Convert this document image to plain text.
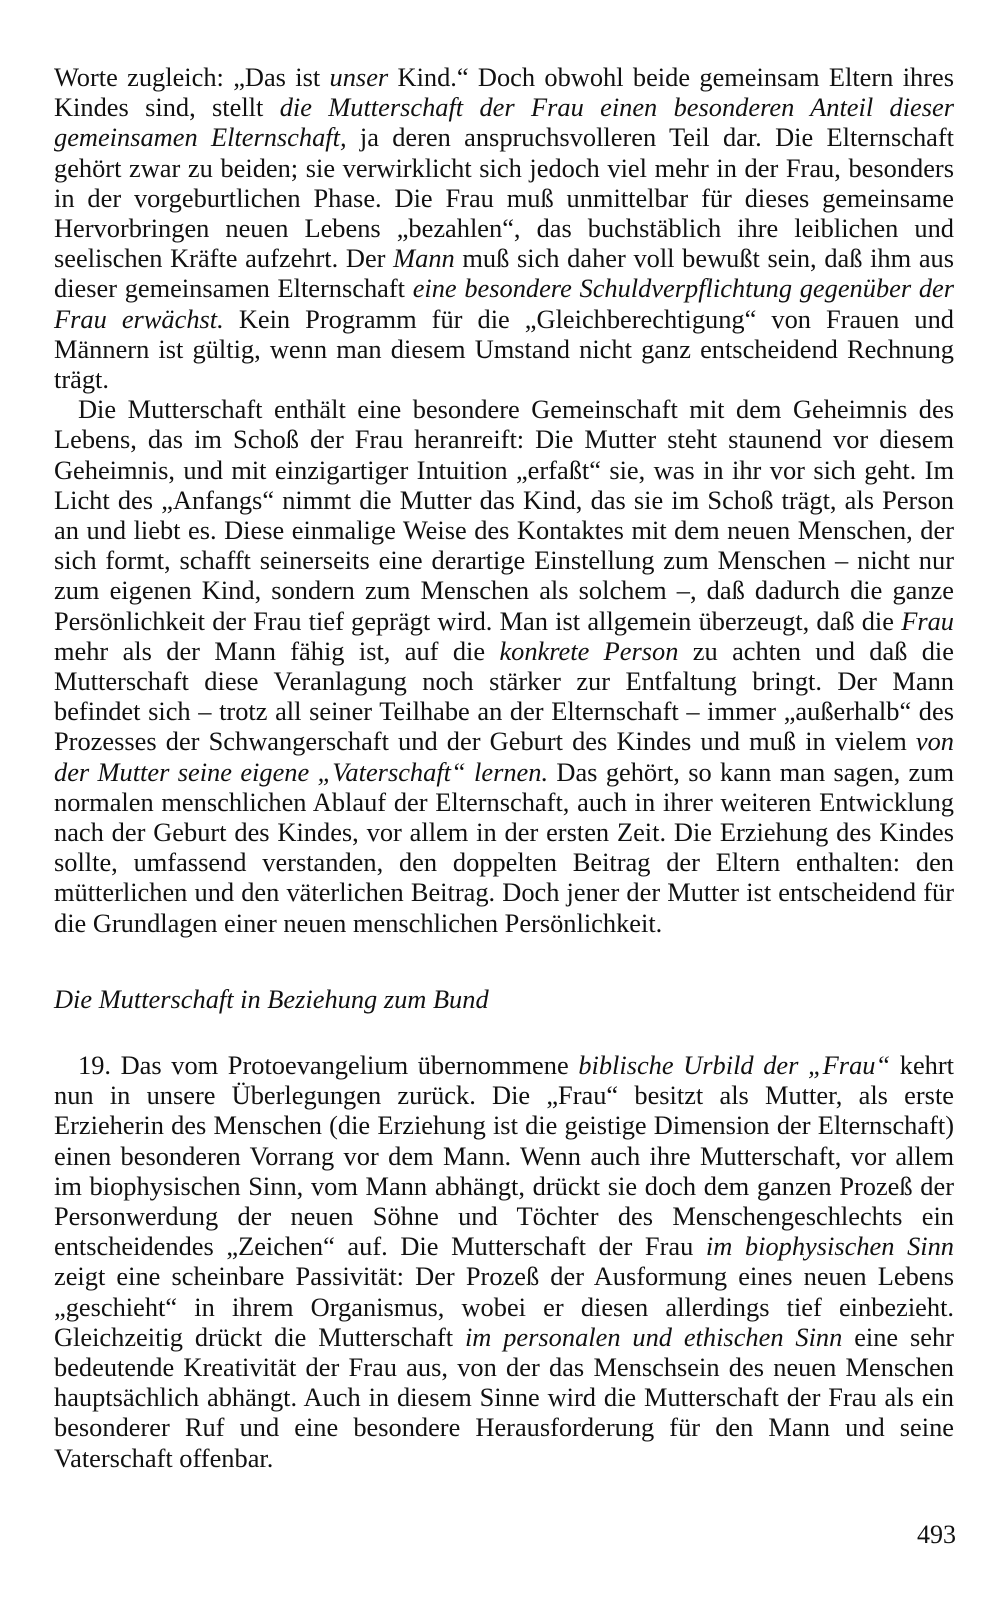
Worte zugleich: „Das ist unser Kind.“ Doch obwohl beide gemeinsam Eltern ihres Kindes sind, stellt die Mutterschaft der Frau einen besonderen Anteil dieser gemeinsamen Elternschaft, ja deren anspruchsvolleren Teil dar. Die Elternschaft gehört zwar zu beiden; sie verwirklicht sich jedoch viel mehr in der Frau, besonders in der vorgeburtlichen Phase. Die Frau muß unmittelbar für dieses gemeinsame Hervorbringen neuen Lebens „bezahlen“, das buchstäblich ihre leiblichen und seelischen Kräfte aufzehrt. Der Mann muß sich daher voll bewußt sein, daß ihm aus dieser gemeinsamen Elternschaft eine besondere Schuldverpflichtung gegenüber der Frau erwächst. Kein Programm für die „Gleichberechtigung“ von Frauen und Männern ist gültig, wenn man diesem Umstand nicht ganz entscheidend Rechnung trägt.

Die Mutterschaft enthält eine besondere Gemeinschaft mit dem Geheimnis des Lebens, das im Schoß der Frau heranreift: Die Mutter steht staunend vor diesem Geheimnis, und mit einzigartiger Intuition „erfaßt“ sie, was in ihr vor sich geht. Im Licht des „Anfangs“ nimmt die Mutter das Kind, das sie im Schoß trägt, als Person an und liebt es. Diese einmalige Weise des Kontaktes mit dem neuen Menschen, der sich formt, schafft seinerseits eine derartige Einstellung zum Menschen – nicht nur zum eigenen Kind, sondern zum Menschen als solchem –, daß dadurch die ganze Persönlichkeit der Frau tief geprägt wird. Man ist allgemein überzeugt, daß die Frau mehr als der Mann fähig ist, auf die konkrete Person zu achten und daß die Mutterschaft diese Veranlagung noch stärker zur Entfaltung bringt. Der Mann befindet sich – trotz all seiner Teilhabe an der Elternschaft – immer „außerhalb“ des Prozesses der Schwangerschaft und der Geburt des Kindes und muß in vielem von der Mutter seine eigene „Vaterschaft“ lernen. Das gehört, so kann man sagen, zum normalen menschlichen Ablauf der Elternschaft, auch in ihrer weiteren Entwicklung nach der Geburt des Kindes, vor allem in der ersten Zeit. Die Erziehung des Kindes sollte, umfassend verstanden, den doppelten Beitrag der Eltern enthalten: den mütterlichen und den väterlichen Beitrag. Doch jener der Mutter ist entscheidend für die Grundlagen einer neuen menschlichen Persönlichkeit.

Die Mutterschaft in Beziehung zum Bund

19. Das vom Protoevangelium übernommene biblische Urbild der „Frau“ kehrt nun in unsere Überlegungen zurück. Die „Frau“ besitzt als Mutter, als erste Erzieherin des Menschen (die Erziehung ist die geistige Dimension der Elternschaft) einen besonderen Vorrang vor dem Mann. Wenn auch ihre Mutterschaft, vor allem im biophysischen Sinn, vom Mann abhängt, drückt sie doch dem ganzen Prozeß der Personwerdung der neuen Söhne und Töchter des Menschengeschlechts ein entscheidendes „Zeichen“ auf. Die Mutterschaft der Frau im biophysischen Sinn zeigt eine scheinbare Passivität: Der Prozeß der Ausformung eines neuen Lebens „geschieht“ in ihrem Organismus, wobei er diesen allerdings tief einbezieht. Gleichzeitig drückt die Mutterschaft im personalen und ethischen Sinn eine sehr bedeutende Kreativität der Frau aus, von der das Menschsein des neuen Menschen hauptsächlich abhängt. Auch in diesem Sinne wird die Mutterschaft der Frau als ein besonderer Ruf und eine besondere Herausforderung für den Mann und seine Vaterschaft offenbar.

493
